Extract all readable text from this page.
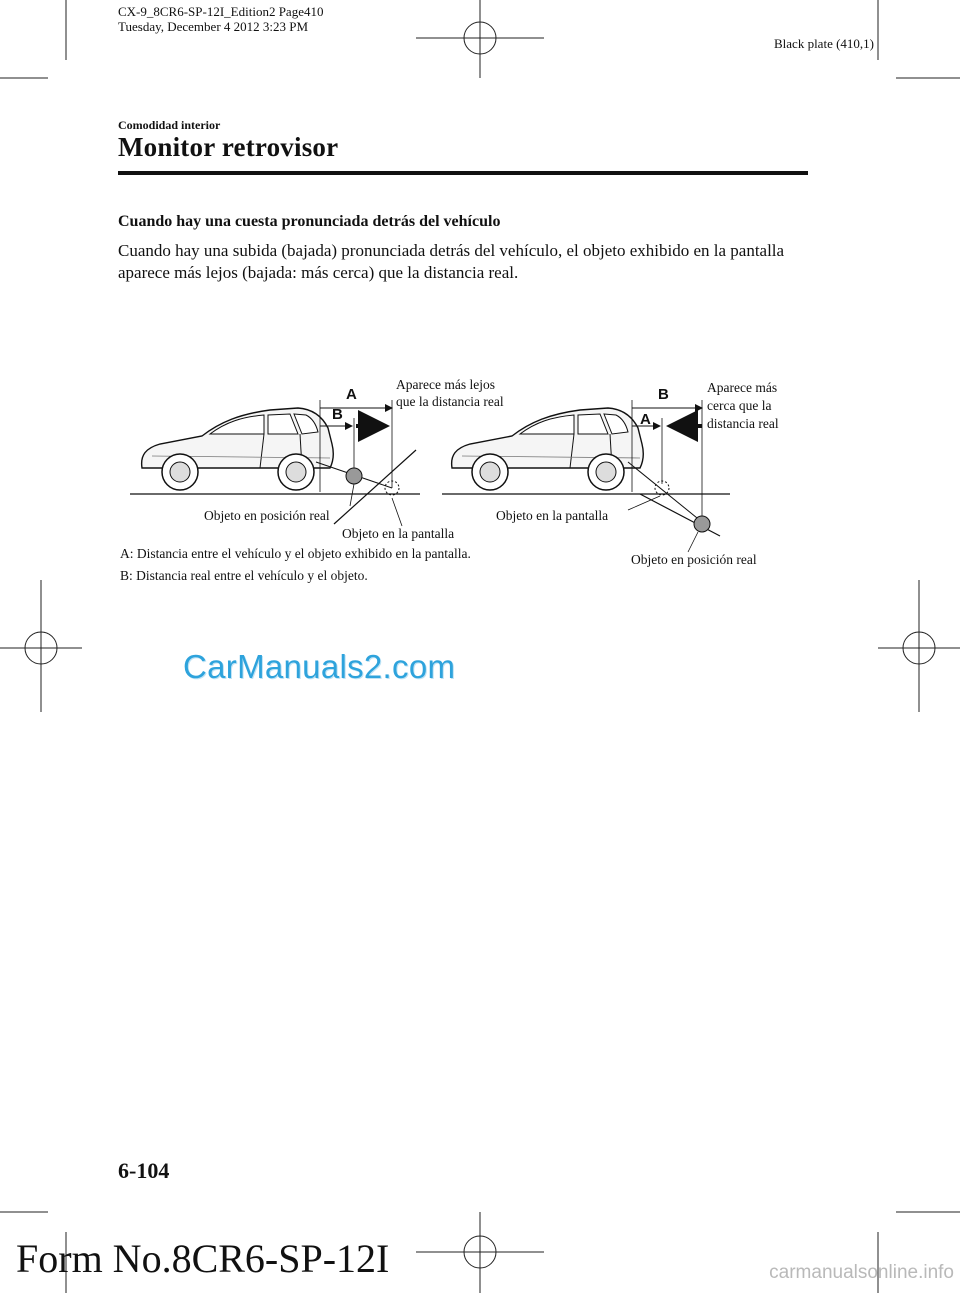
CX-9_8CR6-SP-12I_Edition2 Page410
Tuesday, December 4 2012 3:23 PM
Black plate (410,1)
Comodidad interior
Monitor retrovisor
Cuando hay una cuesta pronunciada detrás del vehículo
Cuando hay una subida (bajada) pronunciada detrás del vehículo, el objeto exhibido en la pantalla aparece más lejos (bajada: más cerca) que la distancia real.
A
B
Aparece más lejos
que la distancia real
Objeto en posición real
Objeto en la pantalla
B
A
Aparece más
cerca que la
distancia real
Objeto en la pantalla
Objeto en posición real
A: Distancia entre el vehículo y el objeto exhibido en la pantalla.
B: Distancia real entre el vehículo y el objeto.
CarManuals2.com
6-104
Form No.8CR6-SP-12I	carmanualsonline.info
